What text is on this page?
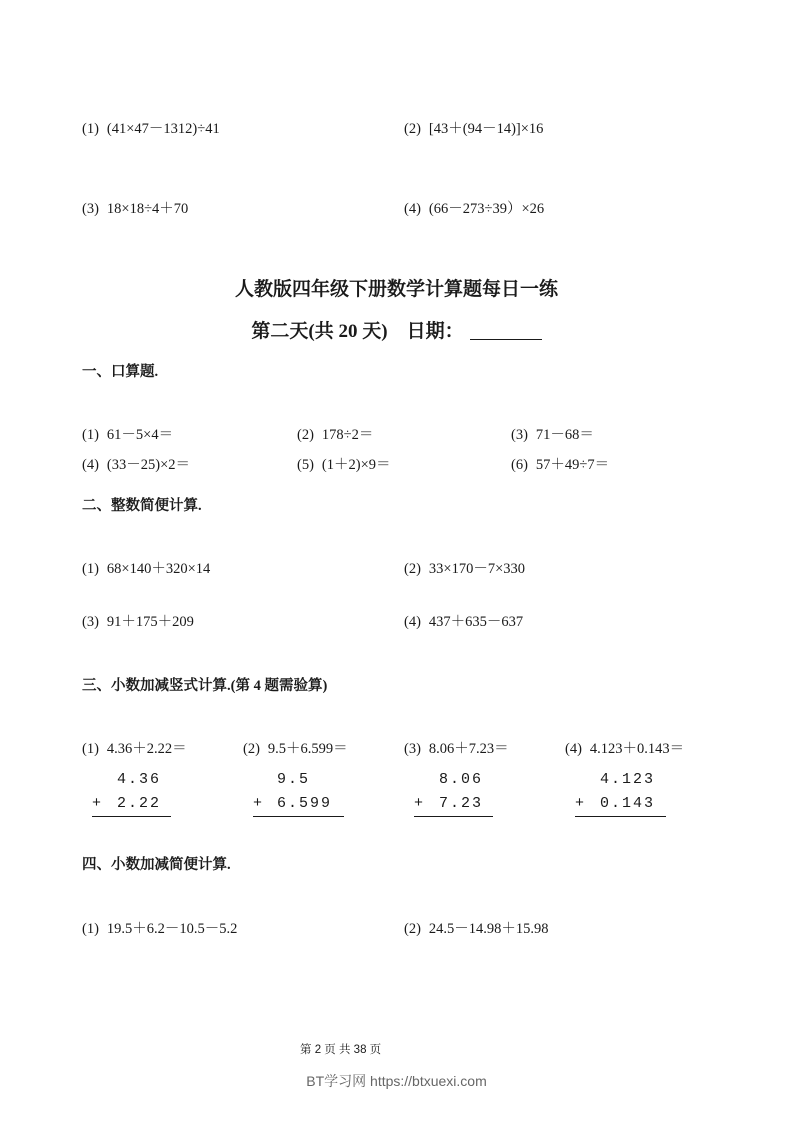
(1) (41×47－1312)÷41	(2) [43＋(94－14)]×16
(3) 18×18÷4＋70	(4) (66－273÷39）×26
人教版四年级下册数学计算题每日一练
第二天(共 20 天)　日期：
一、口算题.
(1) 61－5×4＝	(2) 178÷2＝	(3) 71－68＝
(4) (33－25)×2＝	(5) (1＋2)×9＝	(6) 57＋49÷7＝
二、整数简便计算.
(1) 68×140＋320×14	(2) 33×170－7×330
(3) 91＋175＋209	(4) 437＋635－637
三、小数加减竖式计算.(第 4 题需验算)
(1) 4.36＋2.22＝
4.36
+ 2.22
(2) 9.5＋6.599＝
9.5
+ 6.599
(3) 8.06＋7.23＝
8.06
+ 7.23
(4) 4.123＋0.143＝
4.123
+ 0.143
四、小数加减简便计算.
(1) 19.5＋6.2－10.5－5.2	(2) 24.5－14.98＋15.98
第 2 页 共 38 页
BT学习网 https://btxuexi.com
